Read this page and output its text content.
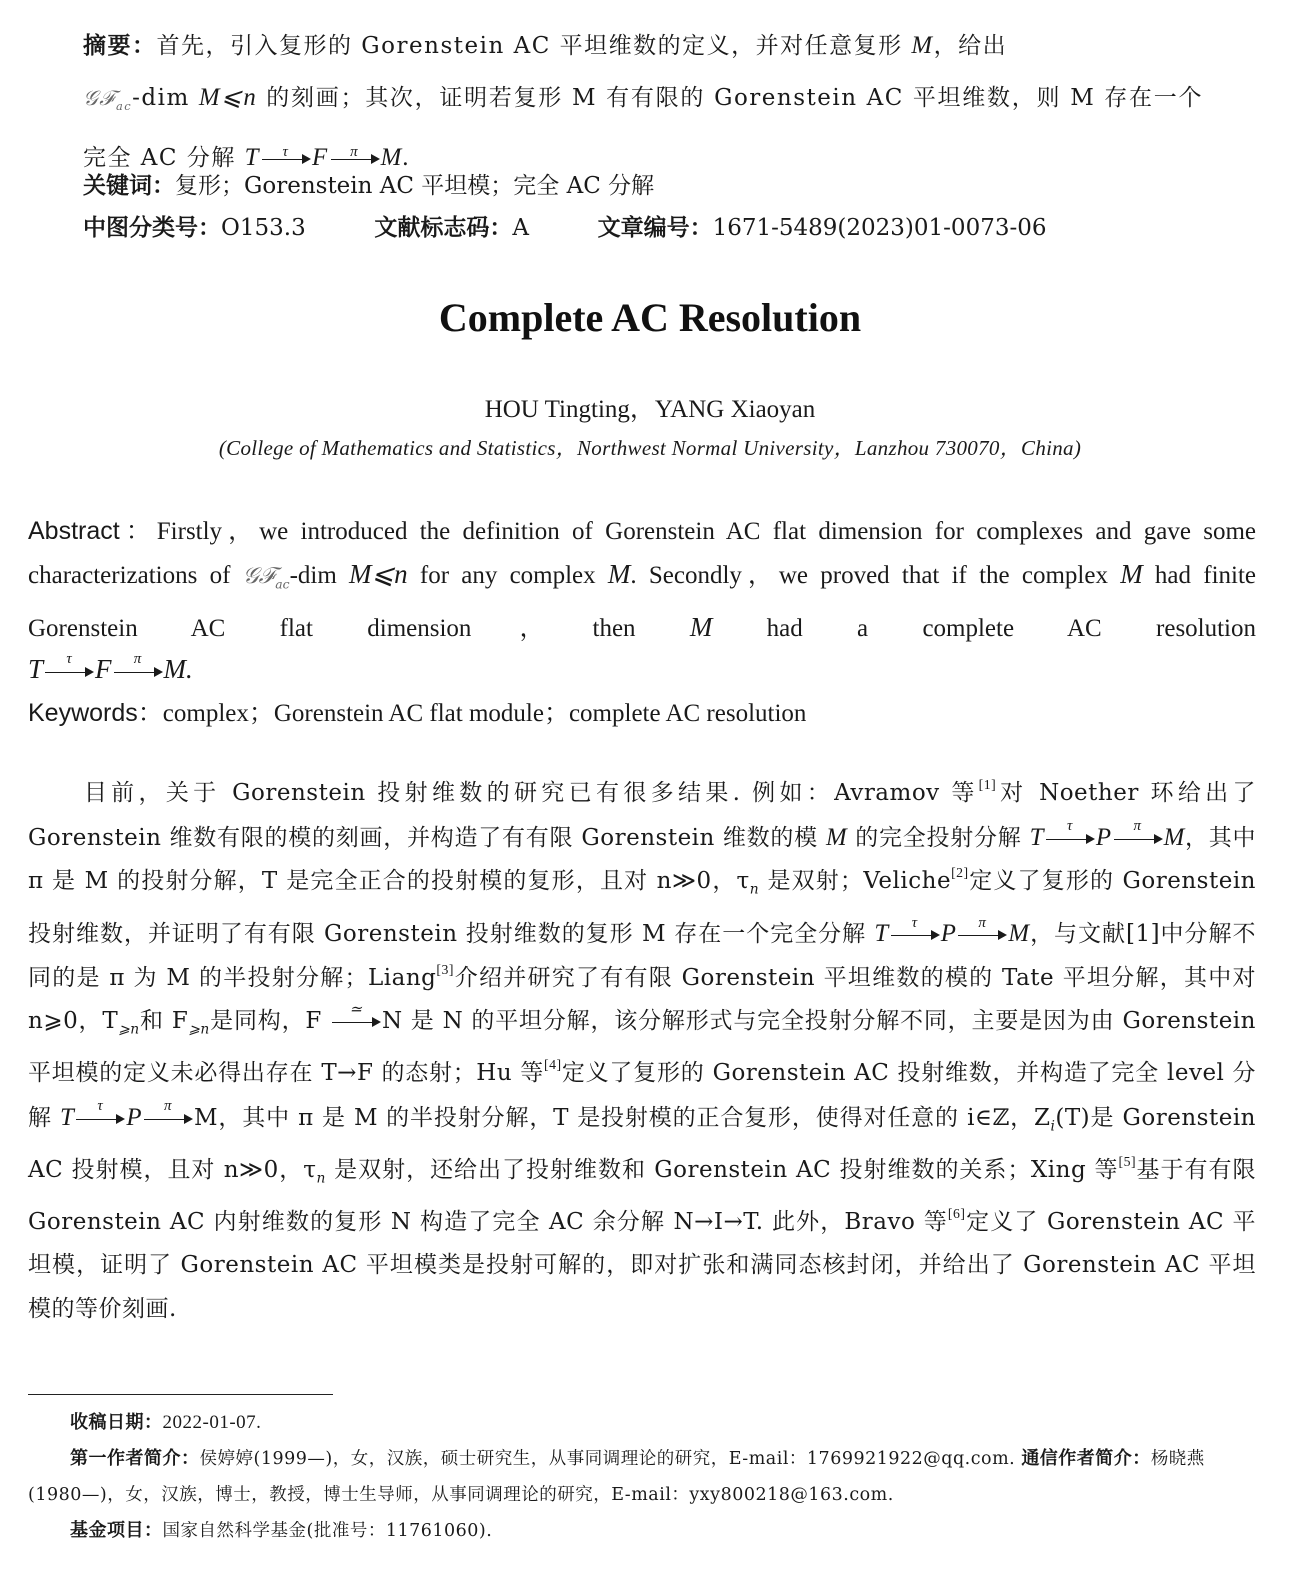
摘要：首先，引入复形的 Gorenstein AC 平坦维数的定义，并对任意复形 M，给出
𝒢ℱ$_{ac}$-dim M⩽n 的刻画；其次，证明若复形 M 有有限的 Gorenstein AC 平坦维数，则 M 存在一个完全 AC 分解 T	τ F	π M.
关键词：复形；Gorenstein AC 平坦模；完全 AC 分解
中图分类号：O153.3	文献标志码：A	文章编号：1671-5489(2023)01-0073-06
Complete AC Resolution
HOU Tingting，YANG Xiaoyan
(College of Mathematics and Statistics，Northwest Normal University，Lanzhou 730070，China)
Abstract：Firstly，we introduced the definition of Gorenstein AC flat dimension for complexes and gave some characterizations of 𝒢ℱ$_{ac}$-dim M⩽n for any complex M. Secondly，we proved that if the complex M had finite Gorenstein AC flat dimension，then M had a complete AC resolution
T	τ F	π M.
Keywords：complex；Gorenstein AC flat module；complete AC resolution
目前，关于 Gorenstein 投射维数的研究已有很多结果. 例如：Avramov 等[1]对 Noether 环给出了 Gorenstein 维数有限的模的刻画，并构造了有有限 Gorenstein 维数的模 M 的完全投射分解 T	τ P	π M，其中 π 是 M 的投射分解，T 是完全正合的投射模的复形，且对 n≫0，$\tau_n$ 是双射；Veliche[2]定义了复形的 Gorenstein 投射维数，并证明了有有限 Gorenstein 投射维数的复形 M 存在一个完全分解 T	τ P	π M，与文献[1]中分解不同的是 π 为 M 的半投射分解；Liang[3]介绍并研究了有有限 Gorenstein 平坦维数的模的 Tate 平坦分解，其中对 n⩾0，$T_{⩾n}$和 $F_{⩾n}$是同构，F	≃ N 是 N 的平坦分解，该分解形式与完全投射分解不同，主要是因为由 Gorenstein 平坦模的定义未必得出存在 T→F 的态射；Hu 等[4]定义了复形的 Gorenstein AC 投射维数，并构造了完全 level 分解 T	τ P	π M，其中 π 是 M 的半投射分解，T 是投射模的正合复形，使得对任意的 i∈ℤ，$Z_i(T)$是 Gorenstein AC 投射模，且对 n≫0，$\tau_n$ 是双射，还给出了投射维数和 Gorenstein AC 投射维数的关系；Xing 等[5]基于有有限 Gorenstein AC 内射维数的复形 N 构造了完全 AC 余分解 N→I→T. 此外，Bravo 等[6]定义了 Gorenstein AC 平坦模，证明了 Gorenstein AC 平坦模类是投射可解的，即对扩张和满同态核封闭，并给出了 Gorenstein AC 平坦模的等价刻画.
收稿日期：2022-01-07.
第一作者简介：侯婷婷(1999—)，女，汉族，硕士研究生，从事同调理论的研究，E-mail：1769921922@qq.com. 通信作者简介：杨晓燕(1980—)，女，汉族，博士，教授，博士生导师，从事同调理论的研究，E-mail：yxy800218@163.com.
基金项目：国家自然科学基金(批准号：11761060).
